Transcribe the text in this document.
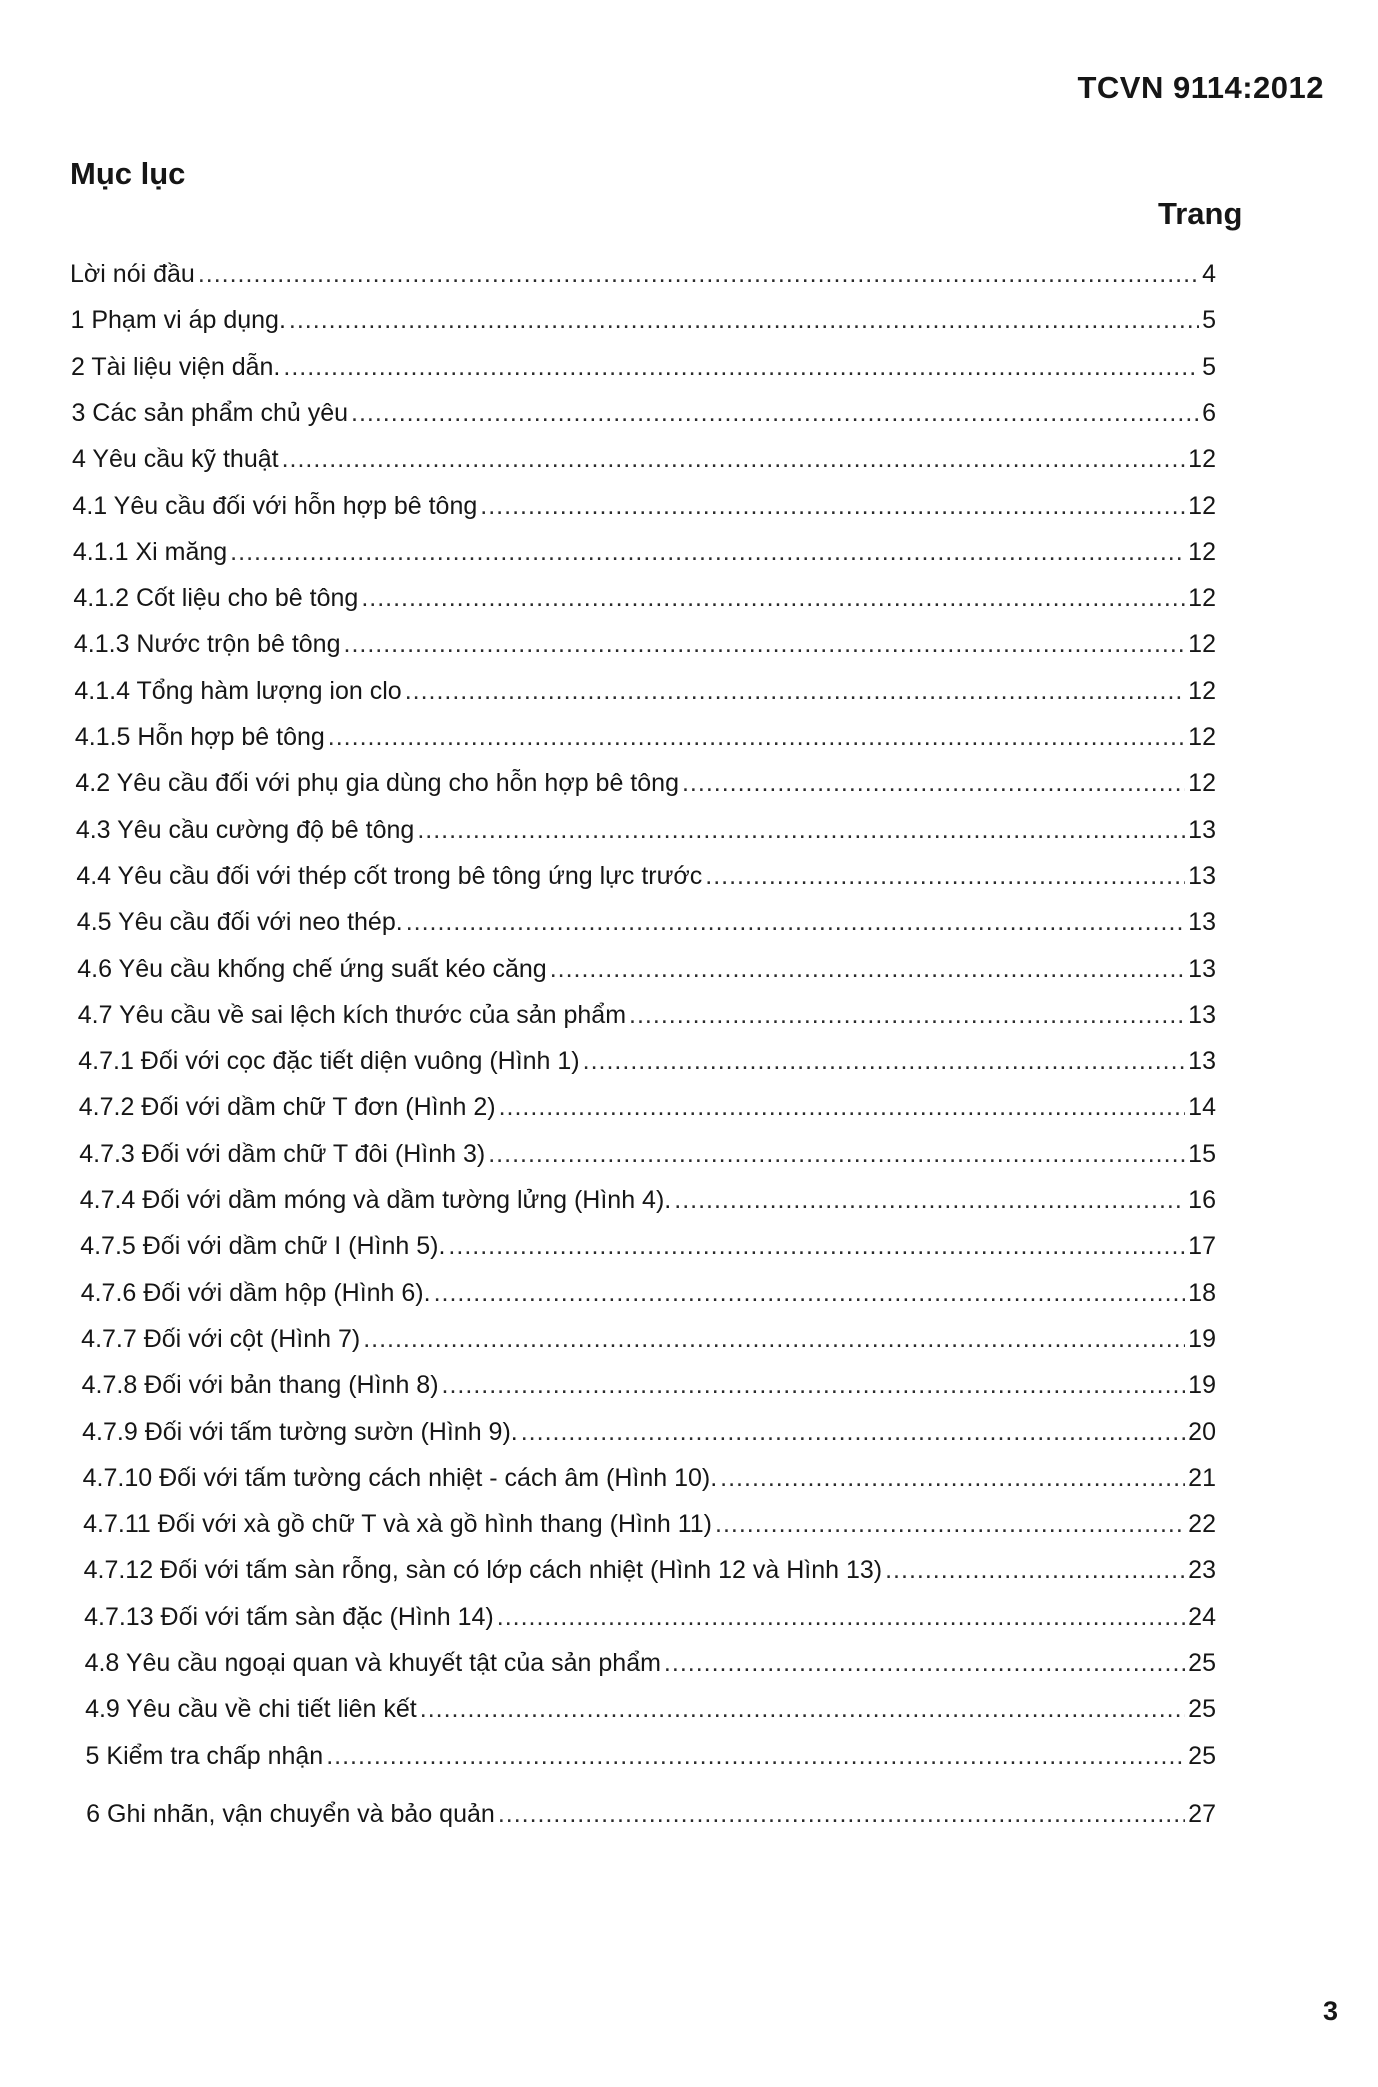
TCVN 9114:2012
Mục lục
Trang
Lời nói đầu .....	4
1 Phạm vi áp dụng. .....	5
2 Tài liệu viện dẫn. .....	5
3 Các sản phẩm chủ yêu .....	6
4 Yêu cầu kỹ thuật .....	12
4.1 Yêu cầu đối với hỗn hợp bê tông .....	12
4.1.1 Xi măng .....	12
4.1.2 Cốt liệu cho bê tông .....	12
4.1.3 Nước trộn bê tông .....	12
4.1.4 Tổng hàm lượng ion clo .....	12
4.1.5 Hỗn hợp bê tông .....	12
4.2 Yêu cầu đối với phụ gia dùng cho hỗn hợp bê tông .....	12
4.3 Yêu cầu cường độ bê tông .....	13
4.4 Yêu cầu đối với thép cốt trong bê tông ứng lực trước .....	13
4.5 Yêu cầu đối với neo thép. .....	13
4.6 Yêu cầu khống chế ứng suất kéo căng .....	13
4.7 Yêu cầu về sai lệch kích thước của sản phẩm .....	13
4.7.1 Đối với cọc đặc tiết diện vuông (Hình 1) .....	13
4.7.2 Đối với dầm chữ T đơn (Hình 2) .....	14
4.7.3 Đối với dầm chữ T đôi (Hình 3) .....	15
4.7.4 Đối với dầm móng và dầm tường lửng (Hình 4). .....	16
4.7.5 Đối với dầm chữ I (Hình 5). .....	17
4.7.6 Đối với dầm hộp (Hình 6). .....	18
4.7.7 Đối với cột (Hình 7) .....	19
4.7.8 Đối với bản thang (Hình 8) .....	19
4.7.9 Đối với tấm tường sườn (Hình 9). .....	20
4.7.10 Đối với tấm tường cách nhiệt - cách âm (Hình 10). .....	21
4.7.11 Đối với xà gồ chữ T và xà gồ hình thang (Hình 11) .....	22
4.7.12 Đối với tấm sàn rỗng, sàn có lớp cách nhiệt (Hình 12 và Hình 13) .....	23
4.7.13 Đối với tấm sàn đặc (Hình 14) .....	24
4.8 Yêu cầu ngoại quan và khuyết tật của sản phẩm .....	25
4.9 Yêu cầu về chi tiết liên kết .....	25
5 Kiểm tra chấp nhận .....	25
6 Ghi nhãn, vận chuyển và bảo quản .....	27
3
